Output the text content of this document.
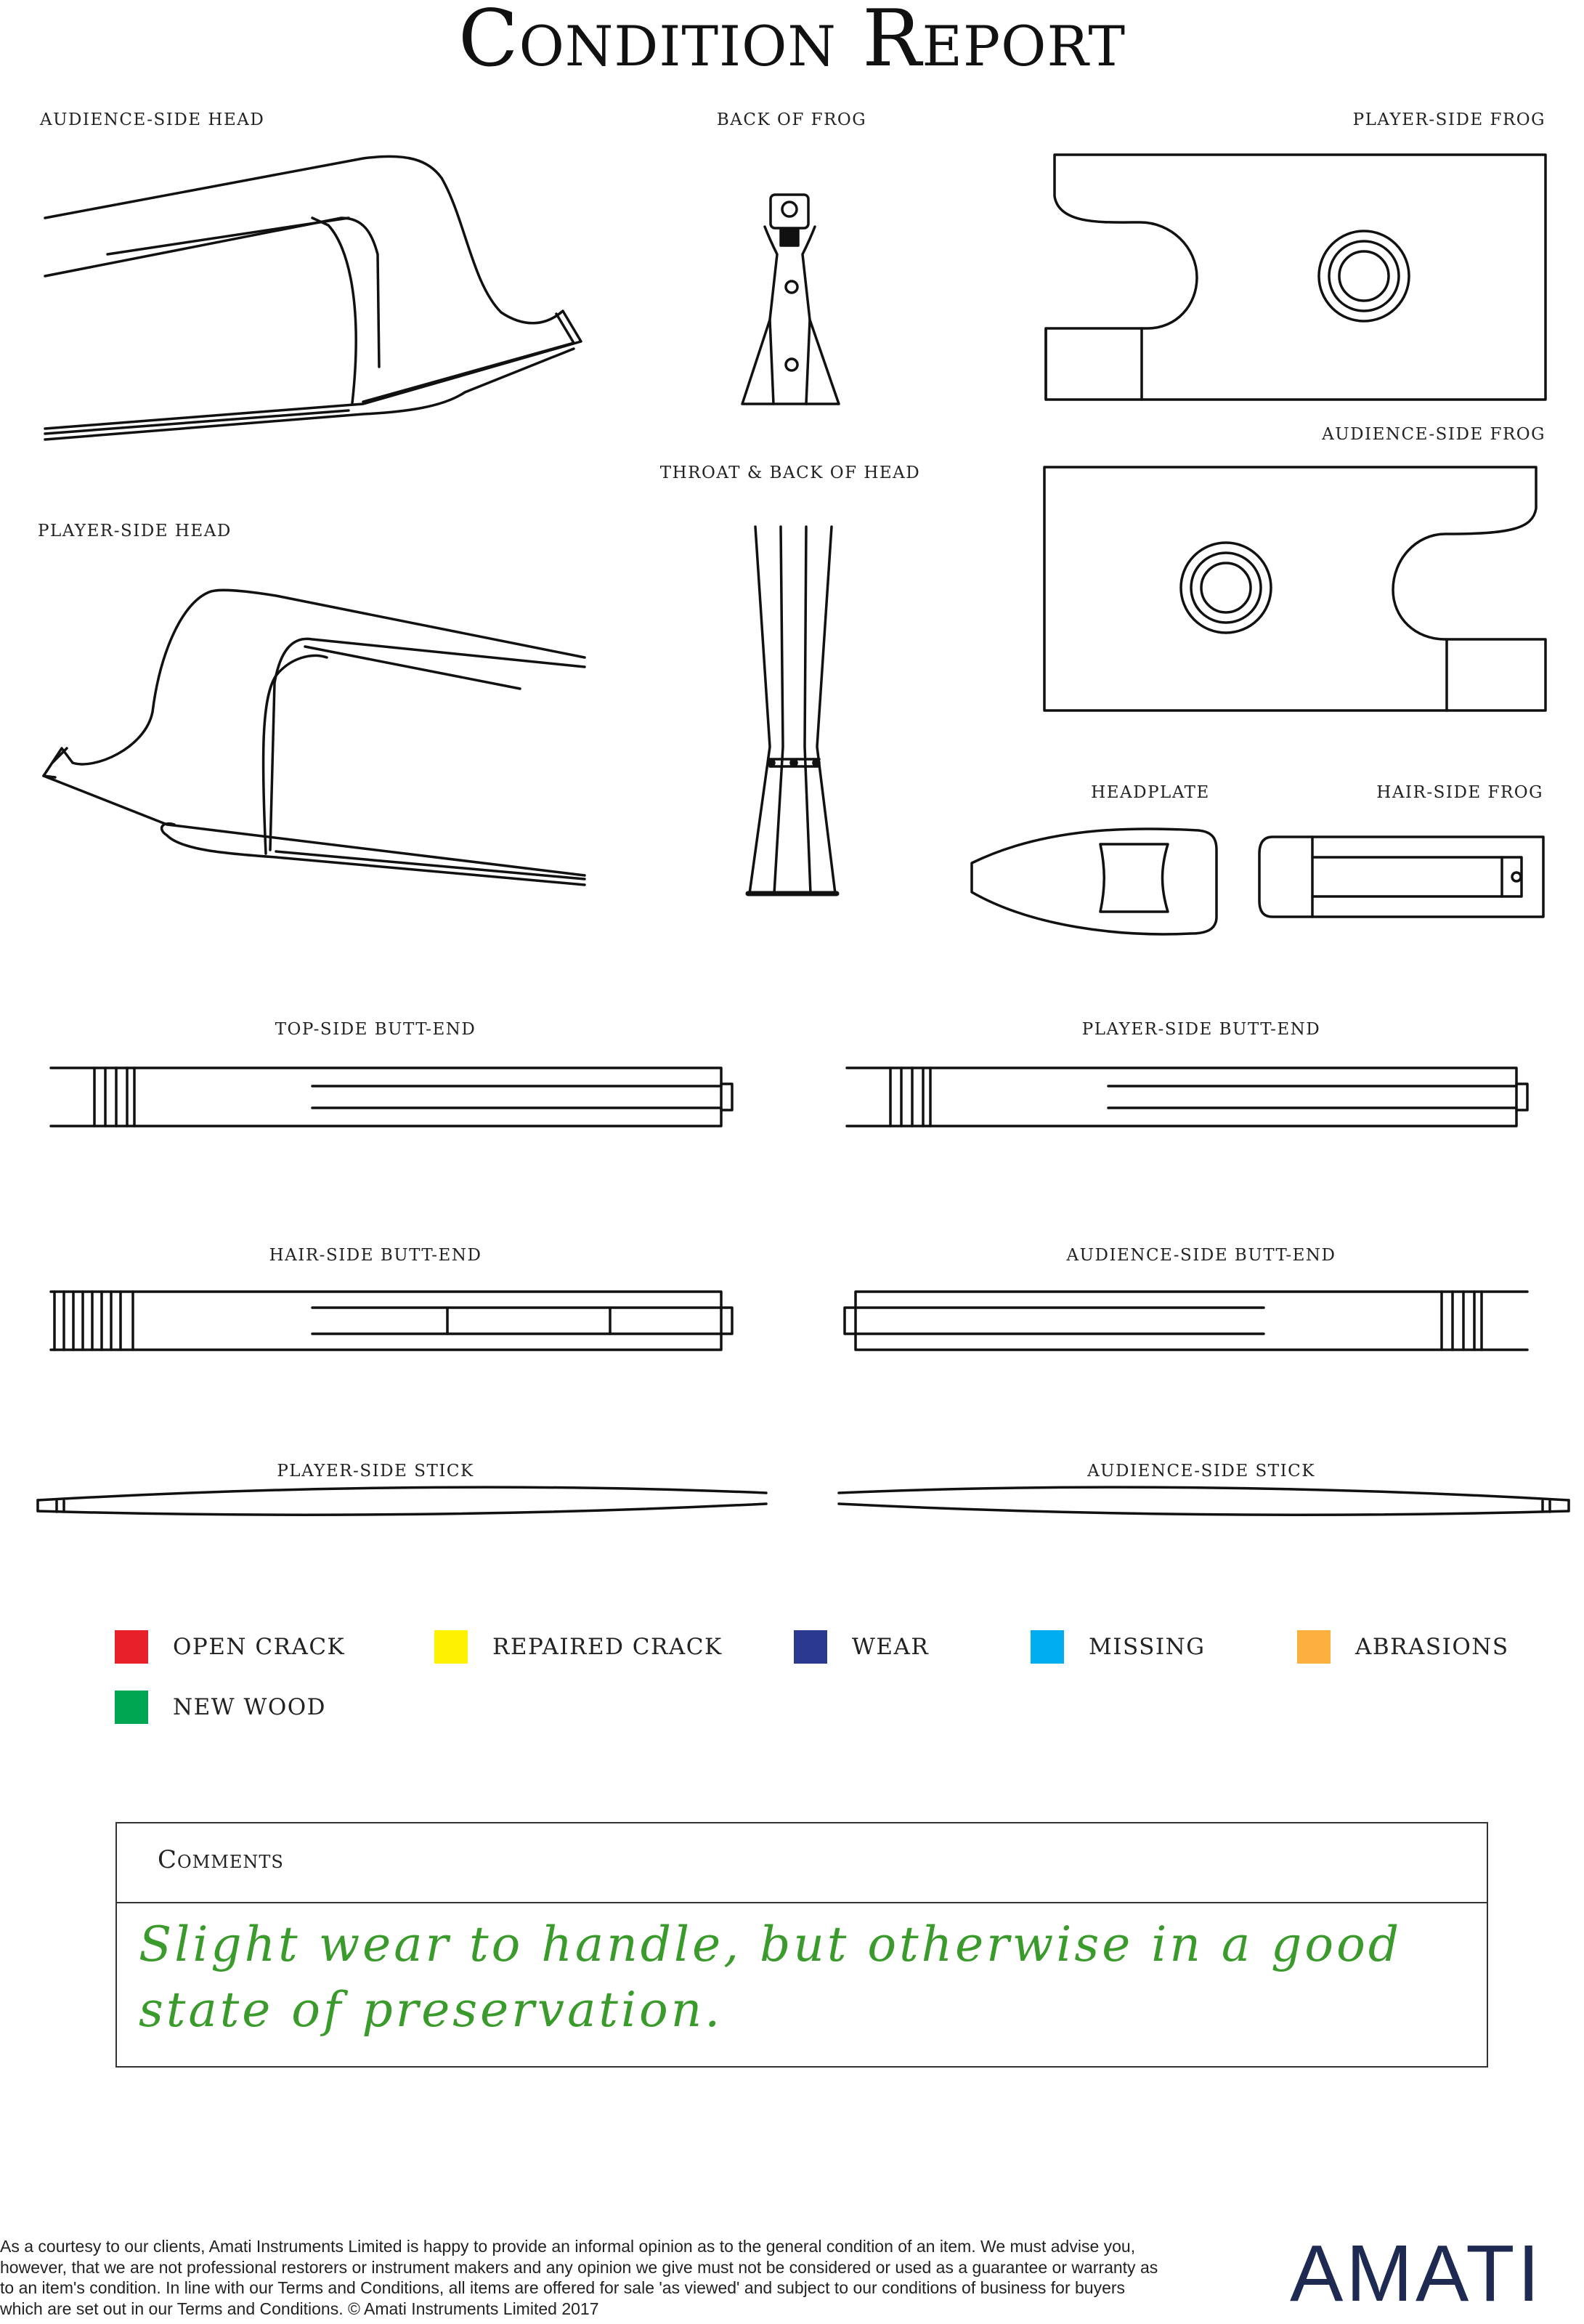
Condition Report
AUDIENCE-SIDE HEAD	BACK OF FROG	PLAYER-SIDE FROG
AUDIENCE-SIDE FROG
THROAT & BACK OF HEAD
PLAYER-SIDE HEAD
HEADPLATE	HAIR-SIDE FROG
TOP-SIDE BUTT-END	PLAYER-SIDE BUTT-END
HAIR-SIDE BUTT-END	AUDIENCE-SIDE BUTT-END
PLAYER-SIDE STICK	AUDIENCE-SIDE STICK
OPEN CRACK	REPAIRED CRACK	WEAR	MISSING	ABRASIONS
NEW WOOD
Comments
Slight wear to handle, but otherwise in a good state of preservation.
As a courtesy to our clients, Amati Instruments Limited is happy to provide an informal opinion as to the general condition of an item. We must advise you, however, that we are not professional restorers or instrument makers and any opinion we give must not be considered or used as a guarantee or warranty as to an item's condition. In line with our Terms and Conditions, all items are offered for sale 'as viewed' and subject to our conditions of business for buyers which are set out in our Terms and Conditions. © Amati Instruments Limited 2017	AMATI
